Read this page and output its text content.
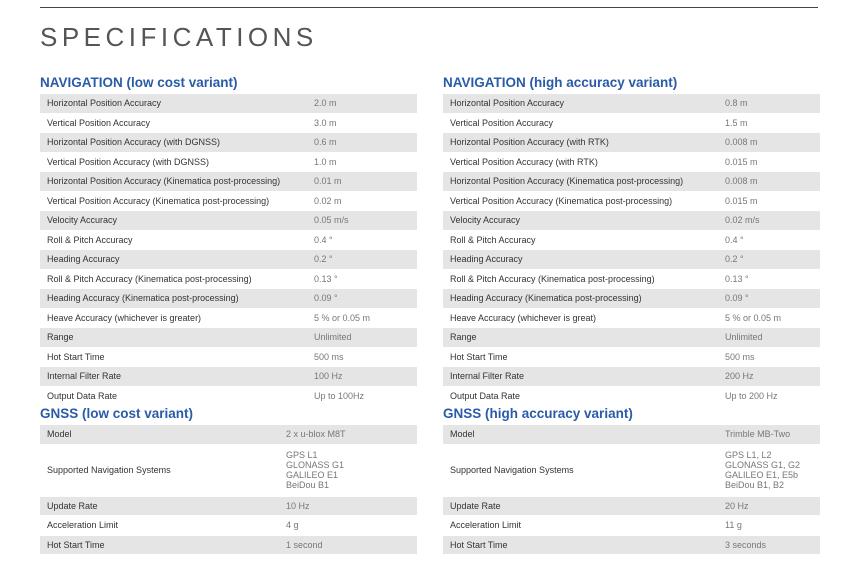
SPECIFICATIONS
NAVIGATION (low cost variant)
Horizontal Position Accuracy	2.0 m
Vertical Position Accuracy	3.0 m
Horizontal Position Accuracy (with DGNSS)	0.6 m
Vertical Position Accuracy (with DGNSS)	1.0 m
Horizontal Position Accuracy (Kinematica post-processing)	0.01 m
Vertical Position Accuracy (Kinematica post-processing)	0.02 m
Velocity Accuracy	0.05 m/s
Roll & Pitch Accuracy	0.4 °
Heading Accuracy	0.2 °
Roll & Pitch Accuracy (Kinematica post-processing)	0.13 °
Heading Accuracy (Kinematica post-processing)	0.09 °
Heave Accuracy (whichever is greater)	5 % or 0.05 m
Range	Unlimited
Hot Start Time	500 ms
Internal Filter Rate	100 Hz
Output Data Rate	Up to 100Hz
GNSS (low cost variant)
Model	2 x u-blox M8T
Supported Navigation Systems	GPS L1
GLONASS G1
GALILEO E1
BeiDou B1

Update Rate	10 Hz
Acceleration Limit	4 g
Hot Start Time	1 second
NAVIGATION (high accuracy variant)
Horizontal Position Accuracy	0.8 m
Vertical Position Accuracy	1.5 m
Horizontal Position Accuracy (with RTK)	0.008 m
Vertical Position Accuracy (with RTK)	0.015 m
Horizontal Position Accuracy (Kinematica post-processing)	0.008 m
Vertical Position Accuracy (Kinematica post-processing)	0.015 m
Velocity Accuracy	0.02 m/s
Roll & Pitch Accuracy	0.4 °
Heading Accuracy	0.2 °
Roll & Pitch Accuracy (Kinematica post-processing)	0.13 °
Heading Accuracy (Kinematica post-processing)	0.09 °
Heave Accuracy (whichever is great)	5 % or 0.05 m
Range	Unlimited
Hot Start Time	500 ms
Internal Filter Rate	200 Hz
Output Data Rate	Up to 200 Hz
GNSS (high accuracy variant)
Model	Trimble MB-Two
Supported Navigation Systems	GPS L1, L2
GLONASS G1, G2
GALILEO E1, E5b
BeiDou B1, B2

Update Rate	20 Hz
Acceleration Limit	11 g
Hot Start Time	3 seconds
